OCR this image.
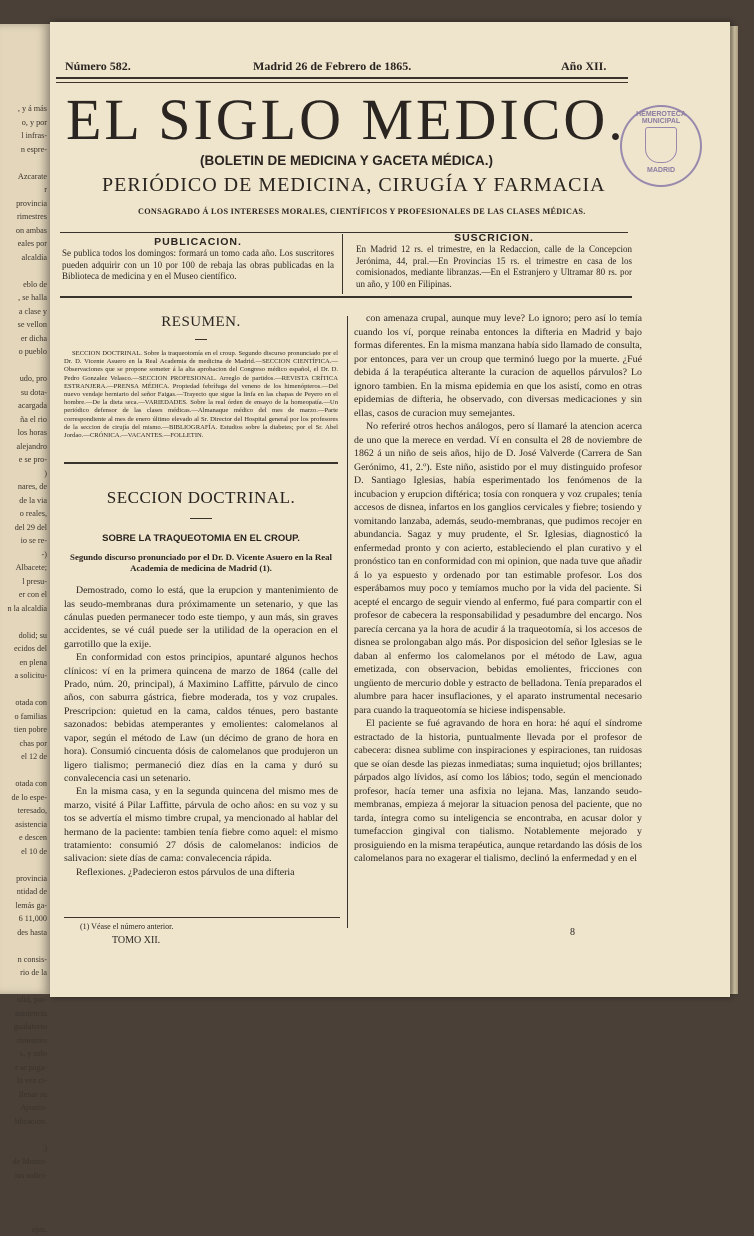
, y á más
o, y por
l infras-
n espre-

Azcarate
r
provincia
rimestres
on ambas
eales por
alcaldía

eblo de
, se halla
a clase y
se vellon
er dicha
o pueblo

udo, pro
su dota-
acargada
ña el rio
los horas
alejandro
e se pro-
)
nares, de
de la via
o reales,
del 29 del
io se re-
-)
Albacete;
l presu-
er con el
n la alcaldía

dolid; su
ecidos del
en plena
a solicitu-

otada con
o familias
tien pobre
chas por
el 12 de

otada con
de lo espe-
teresado,
asistencia
e descen
el 10 de

provincia
ntidad de
lemás ga-
6 11,000
des hasta

n consis-
rio de la

olid, par-
asistencia
gualatorio
rimestres
s, y solo
r se paga-
la vez ci-
llenar su
Ayunto-
blicacion.

.)
de Monto-
ras solici-

ojas,
Número 582.	Madrid 26 de Febrero de 1865.	Año XII.
EL SIGLO MEDICO.
(BOLETIN DE MEDICINA Y GACETA MÉDICA.)
PERIÓDICO DE MEDICINA, CIRUGÍA Y FARMACIA
CONSAGRADO Á LOS INTERESES MORALES, CIENTÍFICOS Y PROFESIONALES DE LAS CLASES MÉDICAS.
HEMEROTECA MUNICIPAL
MADRID
PUBLICACION.
Se publica todos los domingos: formará un tomo cada año. Los suscritores pueden adquirir con un 10 por 100 de rebaja las obras publicadas en la Biblioteca de medicina y en el Museo científico.
SUSCRICION.
En Madrid 12 rs. el trimestre, en la Redaccion, calle de la Concepcion Jerónima, 44, pral.—En Provincias 15 rs. el trimestre en casa de los comisionados, mediante libranzas.—En el Estranjero y Ultramar 80 rs. por un año, y 100 en Filipinas.
RESUMEN.
SECCION DOCTRINAL. Sobre la traqueotomía en el croup. Segundo discurso pronunciado por el Dr. D. Vicente Asuero en la Real Academia de medicina de Madrid.—SECCION CIENTÍFICA.—Observaciones que se propone someter á la alta aprobacion del Congreso médico español, el Dr. D. Pedro Gonzalez Velasco.—SECCION PROFESIONAL. Arreglo de partidos.—REVISTA CRÍTICA ESTRANJERA.—PRENSA MÉDICA. Propiedad febrífuga del veneno de los himenópteros.—Del nuevo vendaje herniario del señor Faigas.—Trayecto que sigue la linfa en las chapas de Peyero en el hombre.—De la dieta seca.—VARIEDADES. Sobre la real órden de ensayo de la homeopatía.—Un periódico defensor de las clases médicas.—Almanaque médico del mes de marzo.—Parte correspondiente al mes de enero último elevado al Sr. Director del Hospital general por los profesores de la seccion de cirujía del mismo.—BIBLIOGRAFÍA. Estudios sobre la diabetes; por el Sr. Abel Jordao.—CRÓNICA.—VACANTES.—FOLLETIN.
SECCION DOCTRINAL.
SOBRE LA TRAQUEOTOMIA EN EL CROUP.
Segundo discurso pronunciado por el Dr. D. Vicente Asuero en la Real Academia de medicina de Madrid (1).

Demostrado, como lo está, que la erupcion y mantenimiento de las seudo-membranas dura próximamente un setenario, y que las cánulas pueden permanecer todo este tiempo, y aun más, sin graves accidentes, se vé cuál puede ser la utilidad de la operacion en el garrotillo que la exije.

En conformidad con estos principios, apuntaré algunos hechos clínicos: ví en la primera quincena de marzo de 1864 (calle del Prado, núm. 20, principal), á Maximino Laffitte, párvulo de cinco años, con saburra gástrica, fiebre moderada, tos y voz crupales. Prescripcion: quietud en la cama, caldos ténues, pero bastante sazonados: bebidas atemperantes y emolientes: calomelanos al vapor, según el método de Law (un décimo de grano de hora en hora). Consumió cincuenta dósis de calomelanos que produjeron un ligero tialismo; permaneció diez días en la cama y duró su convalecencia casi un setenario.

En la misma casa, y en la segunda quincena del mismo mes de marzo, visité á Pilar Laffitte, párvula de ocho años: en su voz y su tos se advertía el mismo timbre crupal, ya mencionado al hablar del hermano de la paciente: tambien tenía fiebre como aquel: el mismo tratamiento: consumió 27 dósis de calomelanos: indicios de salivacion: siete días de cama: convalecencia rápida.

Reflexiones. ¿Padecieron estos párvulos de una difteria

(1) Véase el número anterior.
TOMO XII.

con amenaza crupal, aunque muy leve? Lo ignoro; pero así lo temía cuando los ví, porque reinaba entonces la difteria en Madrid y bajo formas diferentes. En la misma manzana había sido llamado de consulta, por entonces, para ver un croup que terminó luego por la muerte. ¿Fué debida á la terapéutica alterante la curacion de aquellos párvulos? Lo ignoro tambien. En la misma epidemia en que los asistí, como en otras epidemias de difteria, he observado, con diversas medicaciones y sin ellas, casos de curacion muy semejantes.

No referiré otros hechos análogos, pero sí llamaré la atencion acerca de uno que la merece en verdad. Ví en consulta el 28 de noviembre de 1862 á un niño de seis años, hijo de D. José Valverde (Carrera de San Gerónimo, 41, 2.º). Este niño, asistido por el muy distinguido profesor D. Santiago Iglesias, había esperimentado los fenómenos de la incubacion y erupcion diftérica; tosía con ronquera y voz crupales; tenía accesos de disnea, infartos en los ganglios cervicales y fiebre; tosiendo y vomitando lanzaba, además, seudo-membranas, que pudimos recojer en abundancia. Sagaz y muy prudente, el Sr. Iglesias, diagnosticó la enfermedad pronto y con acierto, estableciendo el plan curativo y el pronóstico tan en conformidad con mi opinion, que nada tuve que añadir á lo ya espuesto y ordenado por tan estimable profesor. Los dos esperábamos muy poco y temíamos mucho por la vida del paciente. Si acepté el encargo de seguir viendo al enfermo, fué para compartir con el profesor de cabecera la responsabilidad y pesadumbre del encargo. Nos parecía cercana ya la hora de acudir á la traqueotomía, si los accesos de disnea se prolongaban algo más. Por disposicion del señor Iglesias se le daban al enfermo los calomelanos por el método de Law, agua emetizada, con observacion, bebidas emolientes, fricciones con ungüento de mercurio doble y estracto de belladona. Tenía preparados el alumbre para hacer insuflaciones, y el aparato instrumental necesario para cuando la traqueotomía se hiciese indispensable.

El paciente se fué agravando de hora en hora: hé aquí el síndrome estractado de la historia, puntualmente llevada por el profesor de cabecera: disnea sublime con inspiraciones y espiraciones, tan ruidosas que se oían desde las piezas inmediatas; suma inquietud; ojos brillantes; párpados algo lívidos, así como los lábios; todo, según el mencionado profesor, hacía temer una asfixia no lejana. Mas, lanzando seudo-membranas, empieza á mejorar la situacion penosa del paciente, que no tarda, íntegra como su inteligencia se encontraba, en acusar dolor y tumefaccion gingival con tialismo. Notablemente mejorado y prosiguiendo en la misma terapéutica, aunque retardando las dósis de los calomelanos para no exagerar el tialismo, declinó la enfermedad y en el

8
